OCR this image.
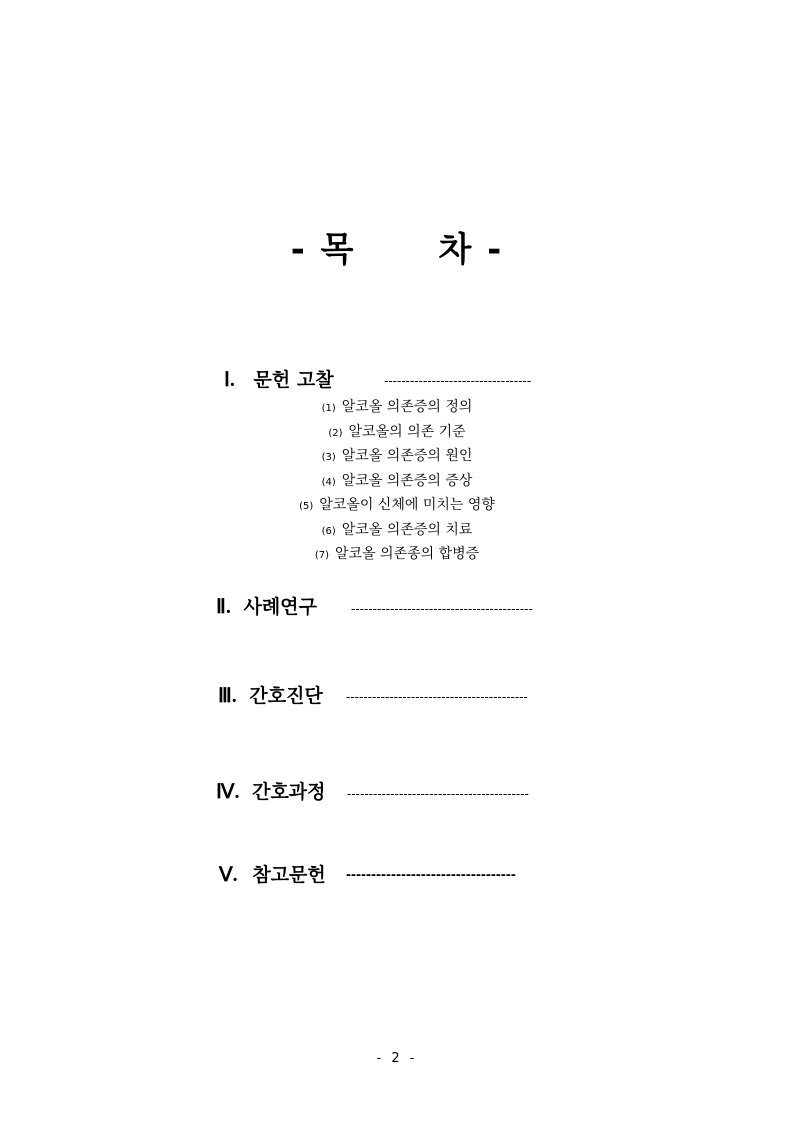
- 목      차 -
Ⅰ. 문헌 고찰	----------------------------------
(1) 알코올 의존증의 정의
(2) 알코올의 의존 기준
(3) 알코올 의존증의 원인
(4) 알코올 의존증의 증상
(5) 알코올이 신체에 미치는 영향
(6) 알코올 의존증의 치료
(7) 알코올 의존종의 합병증
Ⅱ. 사례연구	------------------------------------------
Ⅲ. 간호진단 ------------------------------------------
Ⅳ. 간호과정 ------------------------------------------
Ⅴ. 참고문헌 ----------------------------------
- 2 -
